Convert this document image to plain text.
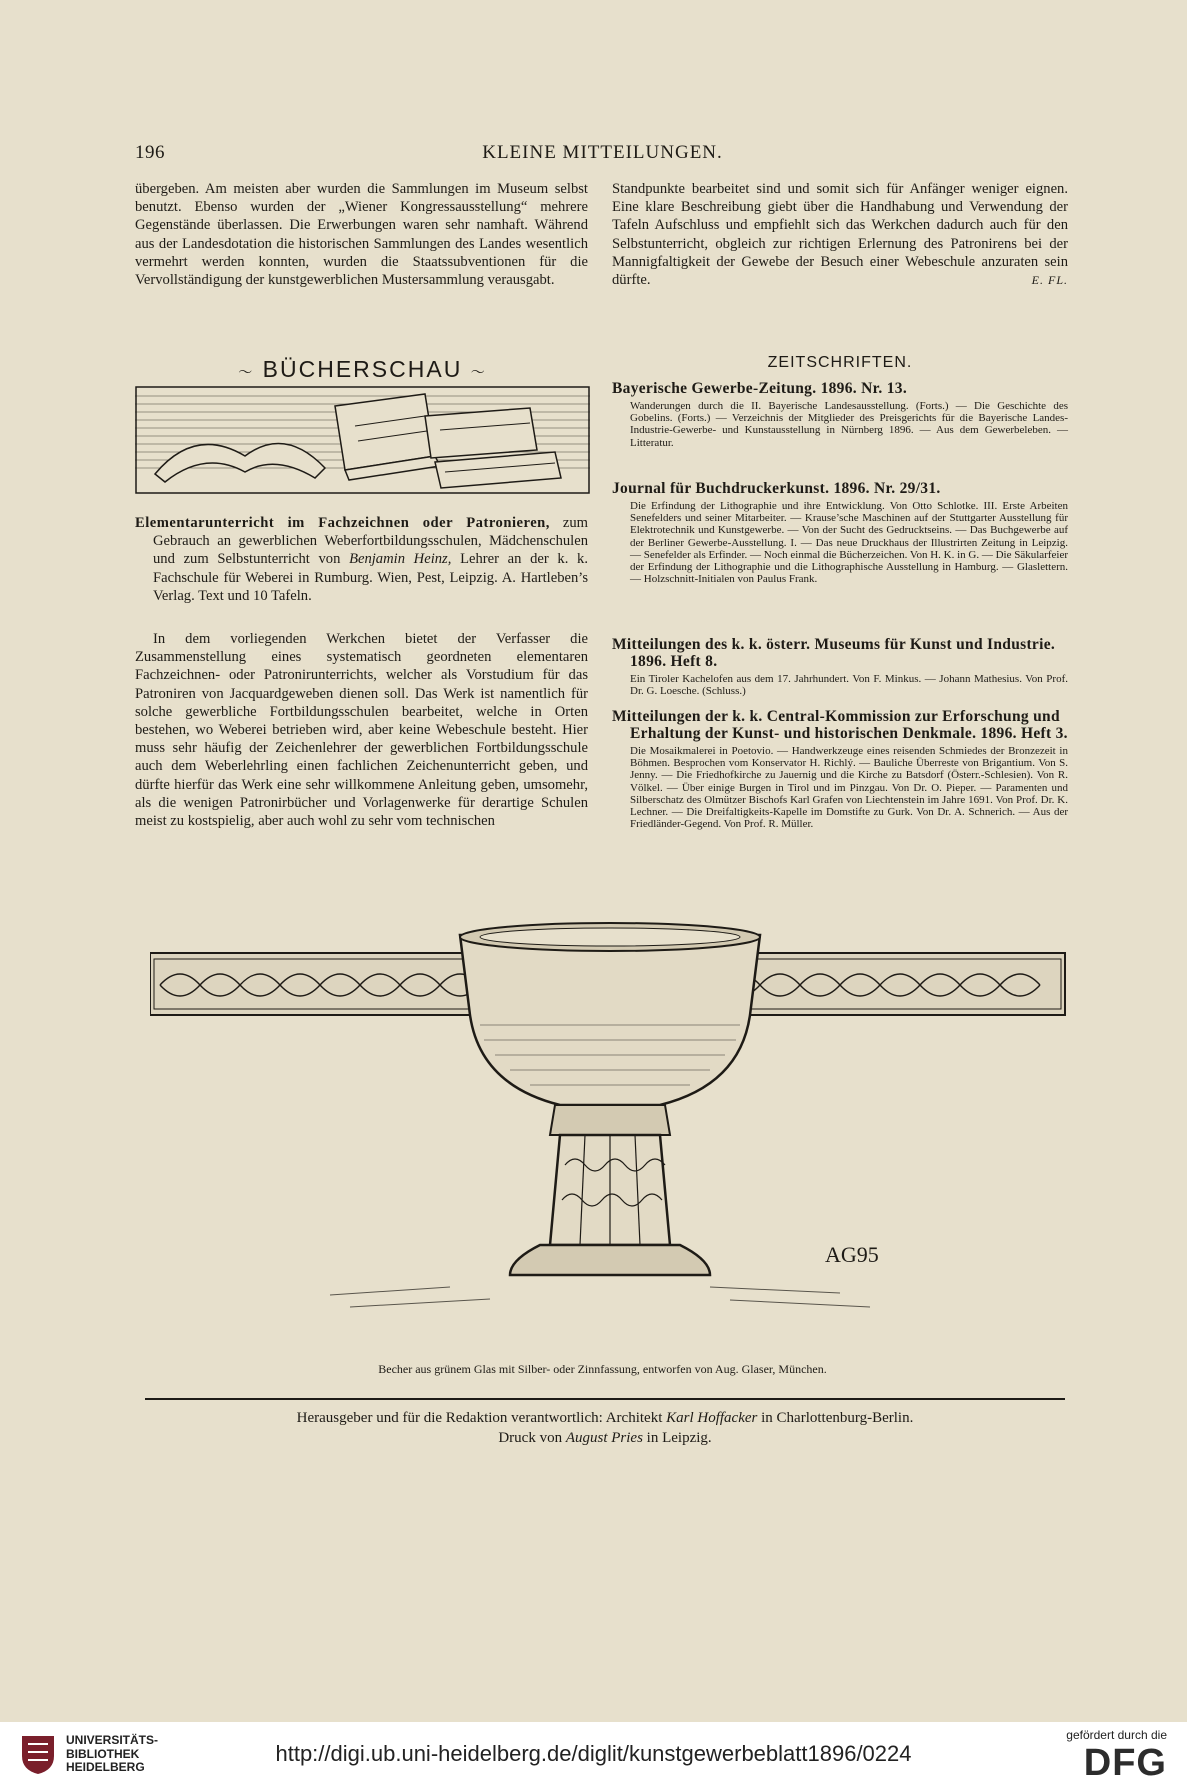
196	KLEINE MITTEILUNGEN.

übergeben. Am meisten aber wurden die Sammlungen im Museum selbst benutzt. Ebenso wurden der „Wiener Kongressausstellung“ mehrere Gegenstände überlassen. Die Erwerbungen waren sehr namhaft. Während aus der Landesdotation die historischen Sammlungen des Landes wesentlich vermehrt werden konnten, wurden die Staatssubventionen für die Vervollständigung der kunstgewerblichen Mustersammlung verausgabt.

Standpunkte bearbeitet sind und somit sich für Anfänger weniger eignen. Eine klare Beschreibung giebt über die Handhabung und Verwendung der Tafeln Aufschluss und empfiehlt sich das Werkchen dadurch auch für den Selbstunterricht, obgleich zur richtigen Erlernung des Patronirens bei der Mannigfaltigkeit der Gewebe der Besuch einer Webeschule anzuraten sein dürfte.	E. FL.

〜 BÜCHERSCHAU 〜

Elementarunterricht im Fachzeichnen oder Patronieren, zum Gebrauch an gewerblichen Weberfortbildungsschulen, Mädchenschulen und zum Selbstunterricht von Benjamin Heinz, Lehrer an der k. k. Fachschule für Weberei in Rumburg. Wien, Pest, Leipzig. A. Hartleben’s Verlag. Text und 10 Tafeln.

In dem vorliegenden Werkchen bietet der Verfasser die Zusammenstellung eines systematisch geordneten elementaren Fachzeichnen- oder Patronirunterrichts, welcher als Vorstudium für das Patroniren von Jacquardgeweben dienen soll. Das Werk ist namentlich für solche gewerbliche Fortbildungsschulen bearbeitet, welche in Orten bestehen, wo Weberei betrieben wird, aber keine Webeschule besteht. Hier muss sehr häufig der Zeichenlehrer der gewerblichen Fortbildungsschule auch dem Weberlehrling einen fachlichen Zeichenunterricht geben, und dürfte hierfür das Werk eine sehr willkommene Anleitung geben, umsomehr, als die wenigen Patronirbücher und Vorlagenwerke für derartige Schulen meist zu kostspielig, aber auch wohl zu sehr vom technischen

ZEITSCHRIFTEN.
Bayerische Gewerbe-Zeitung. 1896. Nr. 13.
Wanderungen durch die II. Bayerische Landesausstellung. (Forts.) — Die Geschichte des Gobelins. (Forts.) — Verzeichnis der Mitglieder des Preisgerichts für die Bayerische Landes-Industrie-Gewerbe- und Kunstausstellung in Nürnberg 1896. — Aus dem Gewerbeleben. — Litteratur.
Journal für Buchdruckerkunst. 1896. Nr. 29/31.
Die Erfindung der Lithographie und ihre Entwicklung. Von Otto Schlotke. III. Erste Arbeiten Senefelders und seiner Mitarbeiter. — Krause’sche Maschinen auf der Stuttgarter Ausstellung für Elektrotechnik und Kunstgewerbe. — Von der Sucht des Gedrucktseins. — Das Buchgewerbe auf der Berliner Gewerbe-Ausstellung. I. — Das neue Druckhaus der Illustrirten Zeitung in Leipzig. — Senefelder als Erfinder. — Noch einmal die Bücherzeichen. Von H. K. in G. — Die Säkularfeier der Erfindung der Lithographie und die Lithographische Ausstellung in Hamburg. — Glaslettern. — Holzschnitt-Initialen von Paulus Frank.
Mitteilungen des k. k. österr. Museums für Kunst und Industrie. 1896. Heft 8.
Ein Tiroler Kachelofen aus dem 17. Jahrhundert. Von F. Minkus. — Johann Mathesius. Von Prof. Dr. G. Loesche. (Schluss.)
Mitteilungen der k. k. Central-Kommission zur Erforschung und Erhaltung der Kunst- und historischen Denkmale. 1896. Heft 3.
Die Mosaikmalerei in Poetovio. — Handwerkzeuge eines reisenden Schmiedes der Bronzezeit in Böhmen. Besprochen vom Konservator H. Richlý. — Bauliche Überreste von Brigantium. Von S. Jenny. — Die Friedhofkirche zu Jauernig und die Kirche zu Batsdorf (Österr.-Schlesien). Von R. Völkel. — Über einige Burgen in Tirol und im Pinzgau. Von Dr. O. Pieper. — Paramenten und Silberschatz des Olmützer Bischofs Karl Grafen von Liechtenstein im Jahre 1691. Von Prof. Dr. K. Lechner. — Die Dreifaltigkeits-Kapelle im Domstifte zu Gurk. Von Dr. A. Schnerich. — Aus der Friedländer-Gegend. Von Prof. R. Müller.
AG95
Becher aus grünem Glas mit Silber- oder Zinnfassung, entworfen von Aug. Glaser, München.
Herausgeber und für die Redaktion verantwortlich: Architekt Karl Hoffacker in Charlottenburg-Berlin.
Druck von August Pries in Leipzig.
UNIVERSITÄTS-
BIBLIOTHEK
HEIDELBERG
http://digi.ub.uni-heidelberg.de/diglit/kunstgewerbeblatt1896/0224
gefördert durch die
DFG
